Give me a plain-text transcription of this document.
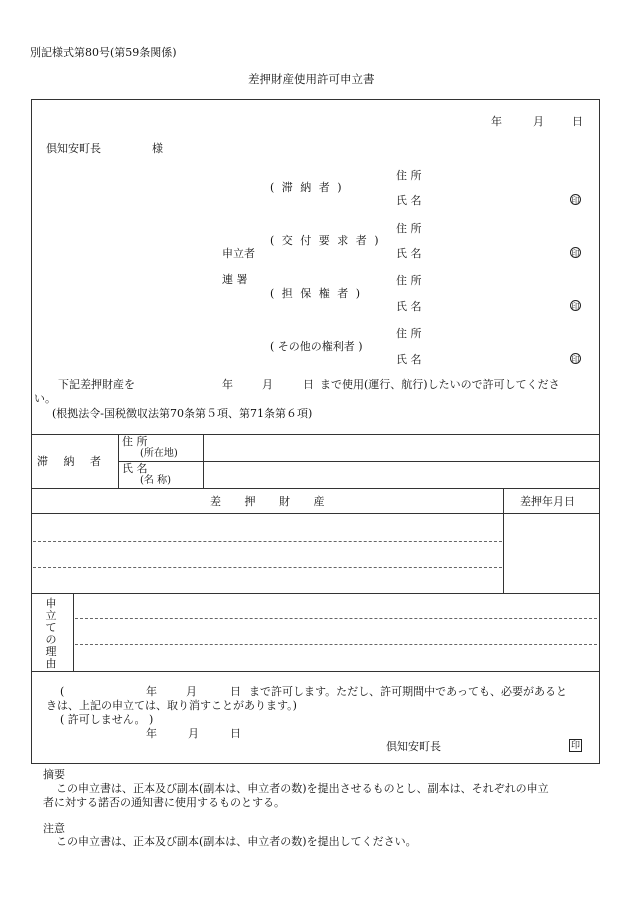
別記様式第80号(第59条関係)
差押財産使用許可申立書
年	月	日
倶知安町長	様
住 所
( 滞 納 者 )
氏 名	印
住 所
( 交 付 要 求 者 )
申立者	氏 名	印
連 署	住 所
( 担 保 権 者 )
氏 名	印
住 所
( その他の権利者 )
氏 名	印
下記差押財産を	年	月	日 まで使用(運行、航行)したいので許可してくださ
い。
(根拠法令-国税徴収法第70条第５項、第71条第６項)
滞 納 者
住 所
(所在地)
氏 名
(名 称)
差 押 財 産	差押年月日
申立ての理由
(	年	月	日 まで許可します。ただし、許可期間中であっても、必要があると
きは、上記の申立ては、取り消すことがあります。)
( 許可しません。 )
年	月	日
倶知安町長	印
摘要
この申立書は、正本及び副本(副本は、申立者の数)を提出させるものとし、副本は、それぞれの申立
者に対する諾否の通知書に使用するものとする。
注意
この申立書は、正本及び副本(副本は、申立者の数)を提出してください。
